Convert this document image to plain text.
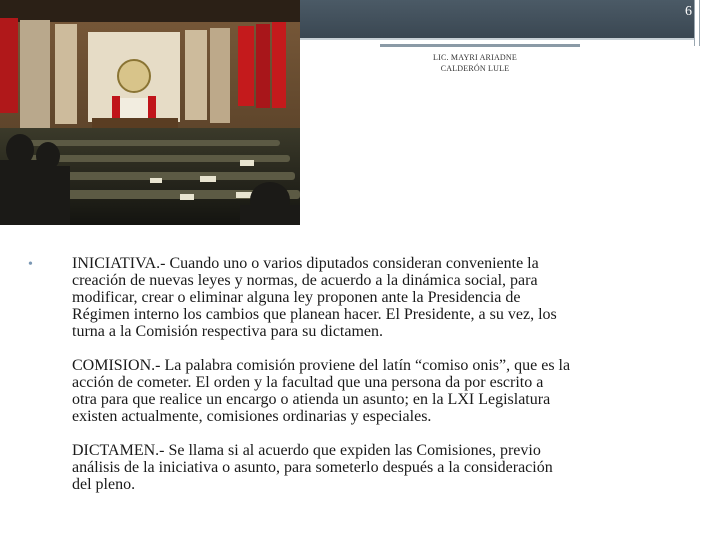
6
LIC. MAYRI ARIADNE
CALDERÓN LULE
• INICIATIVA.- Cuando uno o varios diputados consideran conveniente la
creación de nuevas leyes y normas, de acuerdo a la dinámica social, para
modificar, crear o eliminar alguna ley proponen ante la Presidencia de
Régimen interno los cambios que planean hacer. El Presidente, a su vez, los
turna a la Comisión respectiva para su dictamen.
COMISION.- La palabra comisión proviene del latín “comiso onis”, que es la
acción de cometer. El orden y la facultad que una persona da por escrito a
otra para que realice un encargo o atienda un asunto; en la LXI Legislatura
existen actualmente, comisiones ordinarias y especiales.
DICTAMEN.- Se llama si al acuerdo que expiden las Comisiones, previo
análisis de la iniciativa o asunto, para someterlo después a la consideración
del pleno.
